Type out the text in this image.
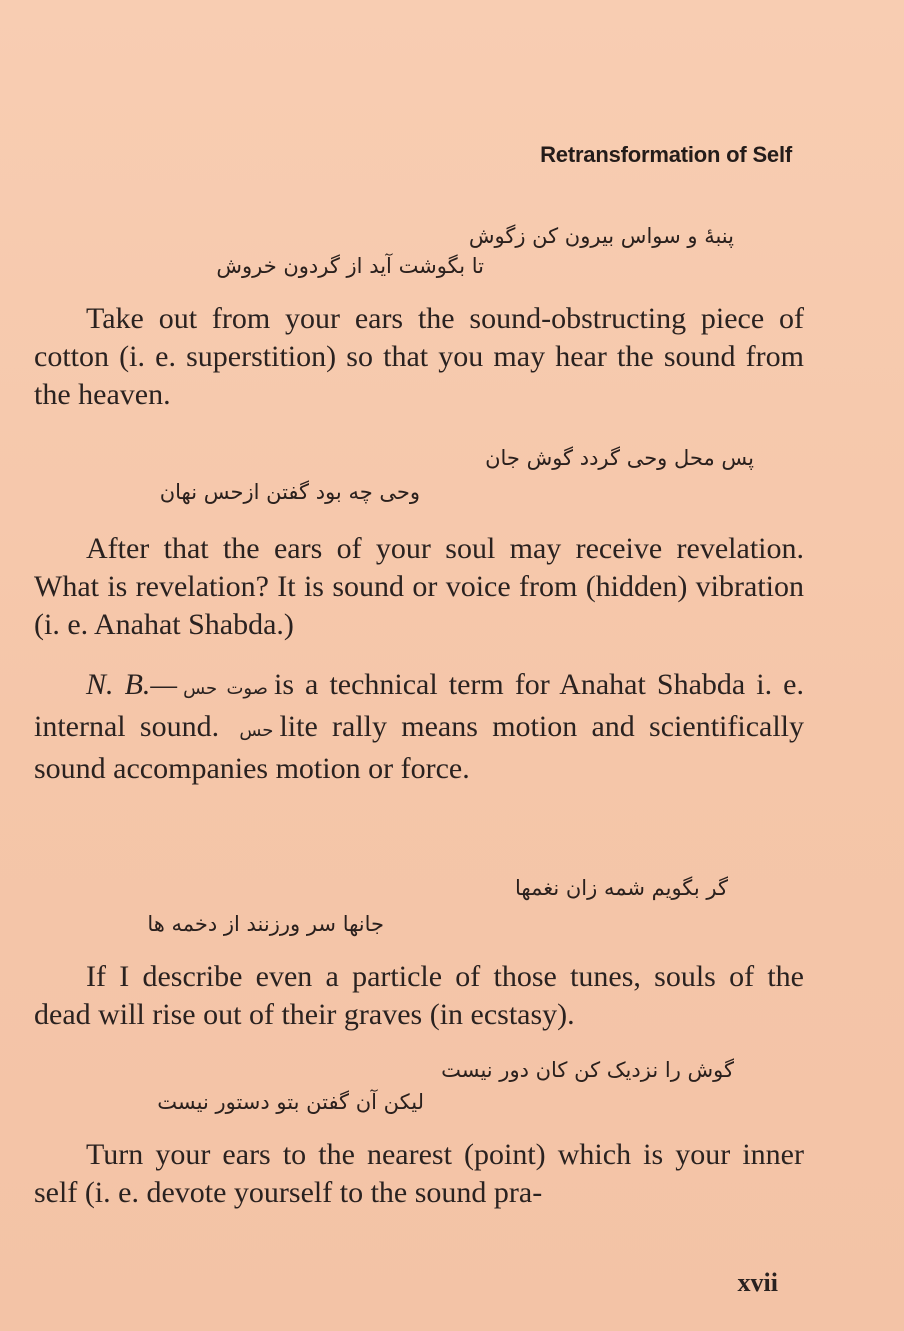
Retransformation of Self
پنبهٔ و سواس بیرون کن زگوش
تا بگوشت آید از گردون خروش
Take out from your ears the sound-obstructing piece of cotton (i. e. superstition) so that you may hear the sound from the heaven.
پس محل وحی گردد گوش جان
وحی چه بود گفتن ازحس نهان
After that the ears of your soul may receive revelation. What is revelation? It is sound or voice from (hidden) vibration (i. e. Anahat Shabda.)
N. B.— صوت حس is a technical term for Anahat Shabda i. e. internal sound. حس lite rally means motion and scientifically sound accompanies motion or force.
گر بگویم شمه زان نغمها
جانها سر ورزنند از دخمه ها
If I describe even a particle of those tunes, souls of the dead will rise out of their graves (in ecstasy).
گوش را نزدیک کن کان دور نیست
لیکن آن گفتن بتو دستور نیست
Turn your ears to the nearest (point) which is your inner self (i. e. devote yourself to the sound pra-
xvii
